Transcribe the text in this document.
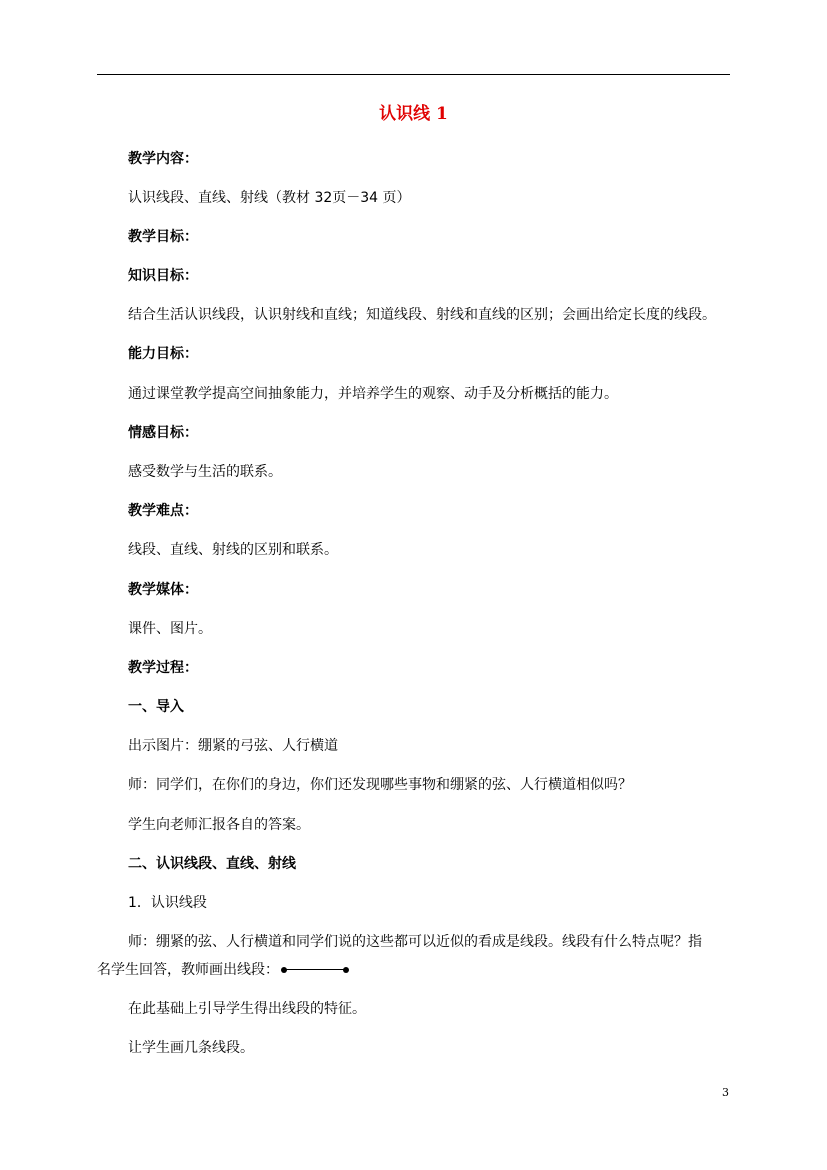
认识线 1
教学内容：
认识线段、直线、射线（教材 32页－34 页）
教学目标：
知识目标：
结合生活认识线段，认识射线和直线；知道线段、射线和直线的区别；会画出给定长度的线段。
能力目标：
通过课堂教学提高空间抽象能力，并培养学生的观察、动手及分析概括的能力。
情感目标：
感受数学与生活的联系。
教学难点：
线段、直线、射线的区别和联系。
教学媒体：
课件、图片。
教学过程：
一、导入
出示图片：绷紧的弓弦、人行横道
师：同学们，在你们的身边，你们还发现哪些事物和绷紧的弦、人行横道相似吗？
学生向老师汇报各自的答案。
二、认识线段、直线、射线
1．认识线段
师：绷紧的弦、人行横道和同学们说的这些都可以近似的看成是线段。线段有什么特点呢？指
名学生回答，教师画出线段：
在此基础上引导学生得出线段的特征。
让学生画几条线段。
3
